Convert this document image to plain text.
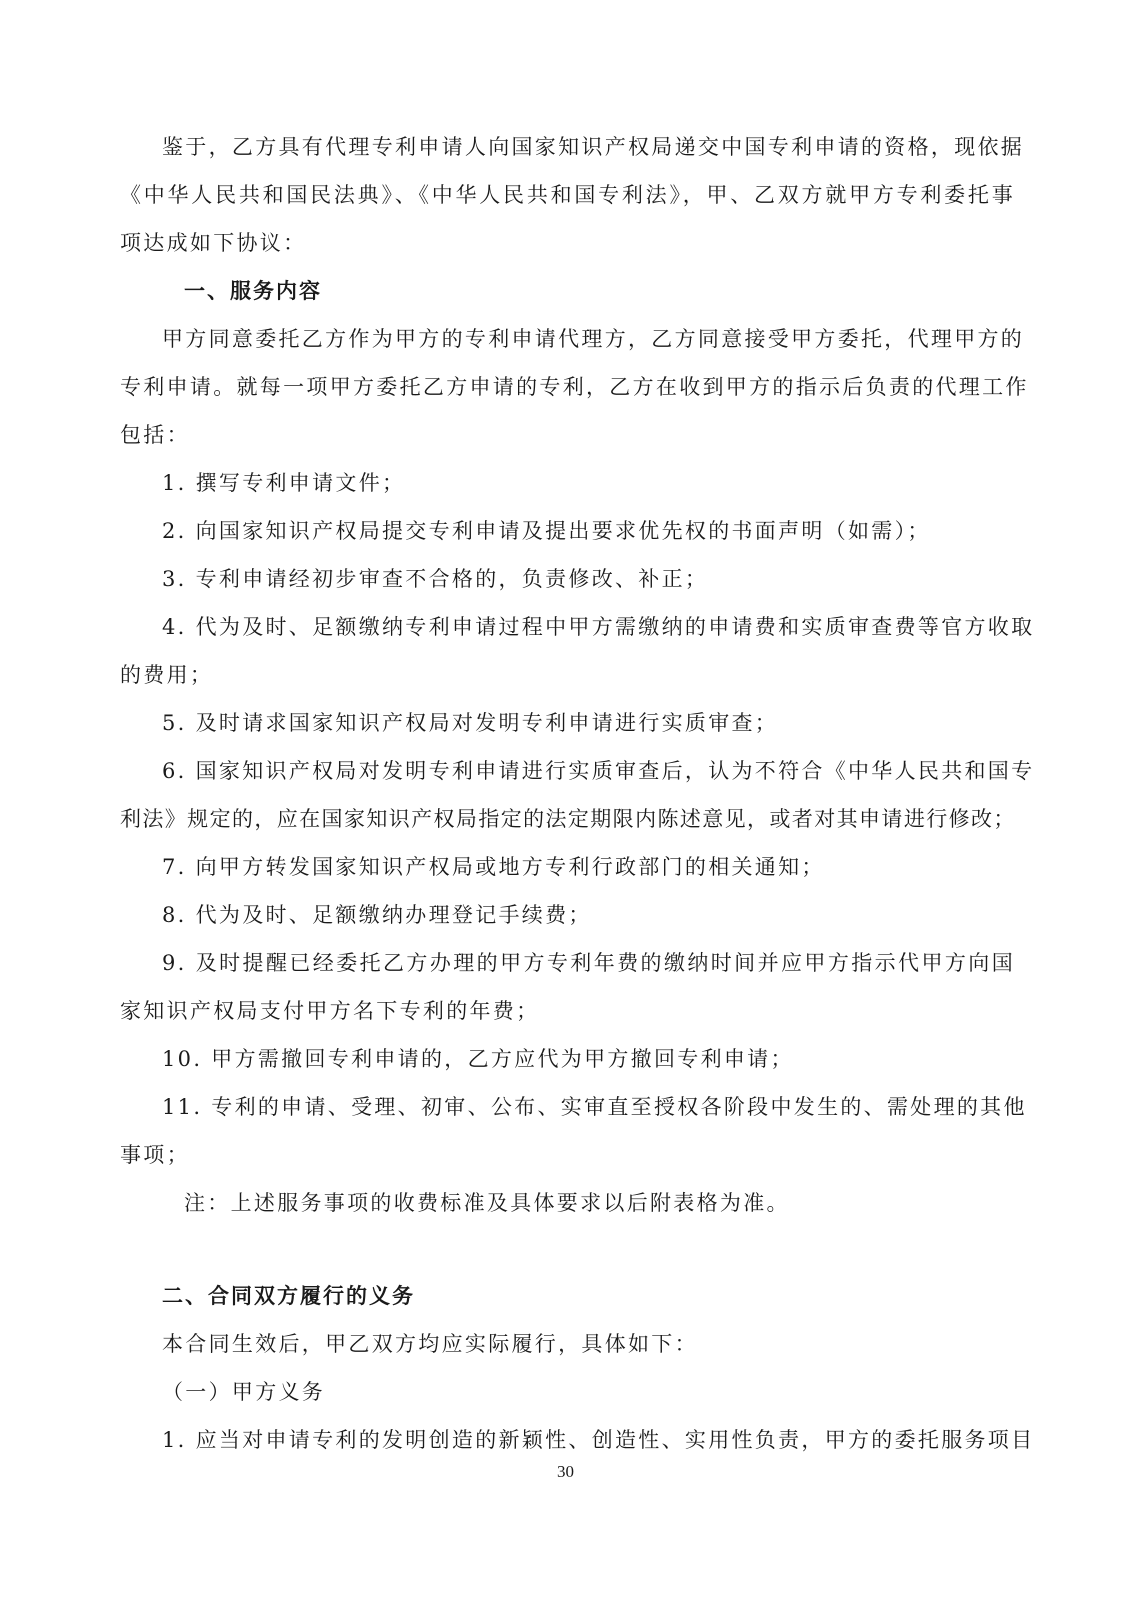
鉴于，乙方具有代理专利申请人向国家知识产权局递交中国专利申请的资格，现依据
《中华人民共和国民法典》、《中华人民共和国专利法》，甲、乙双方就甲方专利委托事
项达成如下协议：
一、服务内容
甲方同意委托乙方作为甲方的专利申请代理方，乙方同意接受甲方委托，代理甲方的
专利申请。就每一项甲方委托乙方申请的专利，乙方在收到甲方的指示后负责的代理工作
包括：
1. 撰写专利申请文件；
2. 向国家知识产权局提交专利申请及提出要求优先权的书面声明（如需）；
3. 专利申请经初步审查不合格的，负责修改、补正；
4. 代为及时、足额缴纳专利申请过程中甲方需缴纳的申请费和实质审查费等官方收取
的费用；
5. 及时请求国家知识产权局对发明专利申请进行实质审查；
6. 国家知识产权局对发明专利申请进行实质审查后，认为不符合《中华人民共和国专
利法》规定的，应在国家知识产权局指定的法定期限内陈述意见，或者对其申请进行修改；
7. 向甲方转发国家知识产权局或地方专利行政部门的相关通知；
8. 代为及时、足额缴纳办理登记手续费；
9. 及时提醒已经委托乙方办理的甲方专利年费的缴纳时间并应甲方指示代甲方向国
家知识产权局支付甲方名下专利的年费；
10. 甲方需撤回专利申请的，乙方应代为甲方撤回专利申请；
11. 专利的申请、受理、初审、公布、实审直至授权各阶段中发生的、需处理的其他
事项；
注：上述服务事项的收费标准及具体要求以后附表格为准。
二、合同双方履行的义务
本合同生效后，甲乙双方均应实际履行，具体如下：
（一）甲方义务
1. 应当对申请专利的发明创造的新颖性、创造性、实用性负责，甲方的委托服务项目
30
